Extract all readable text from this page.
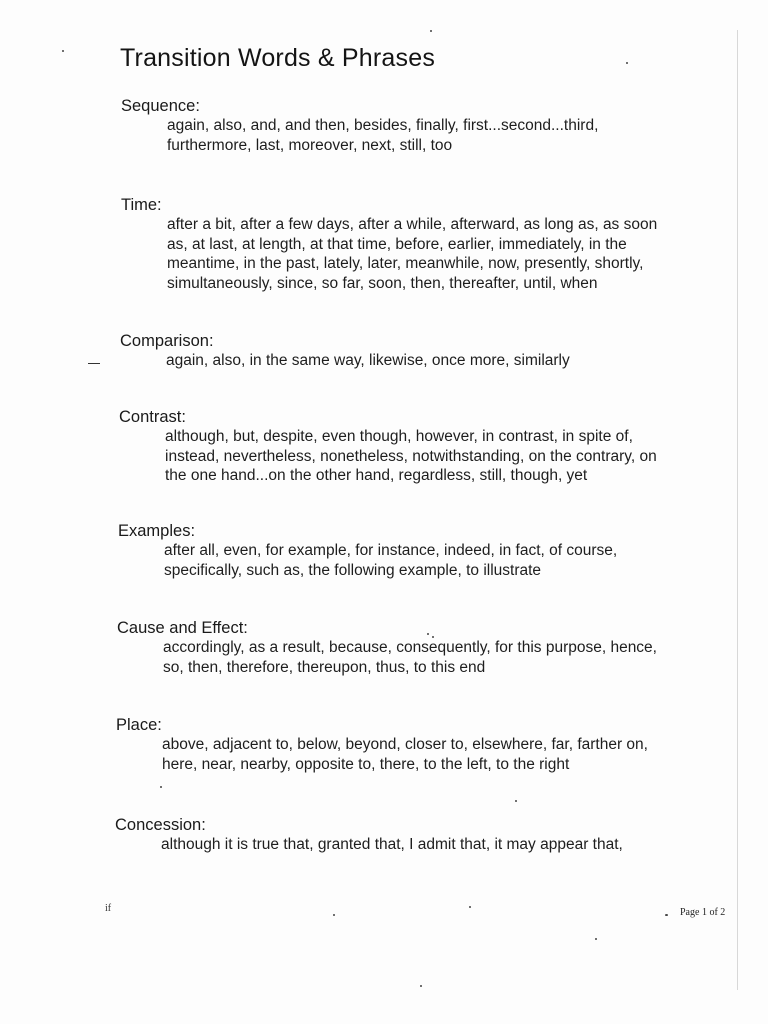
Transition Words & Phrases
Sequence:
again, also, and, and then, besides, finally, first...second...third,
furthermore, last, moreover, next, still, too
Time:
after a bit, after a few days, after a while, afterward, as long as, as soon
as, at last, at length, at that time, before, earlier, immediately, in the
meantime, in the past, lately, later, meanwhile, now, presently, shortly,
simultaneously, since, so far, soon, then, thereafter, until, when
Comparison:
again, also, in the same way, likewise, once more, similarly
Contrast:
although, but, despite, even though, however, in contrast, in spite of,
instead, nevertheless, nonetheless, notwithstanding, on the contrary, on
the one hand...on the other hand, regardless, still, though, yet
Examples:
after all, even, for example, for instance, indeed, in fact, of course,
specifically, such as, the following example, to illustrate
Cause and Effect:
accordingly, as a result, because, consequently, for this purpose, hence,
so, then, therefore, thereupon, thus, to this end
Place:
above, adjacent to, below, beyond, closer to, elsewhere, far, farther on,
here, near, nearby, opposite to, there, to the left, to the right
Concession:
although it is true that, granted that, I admit that, it may appear that,
if	Page 1 of 2
